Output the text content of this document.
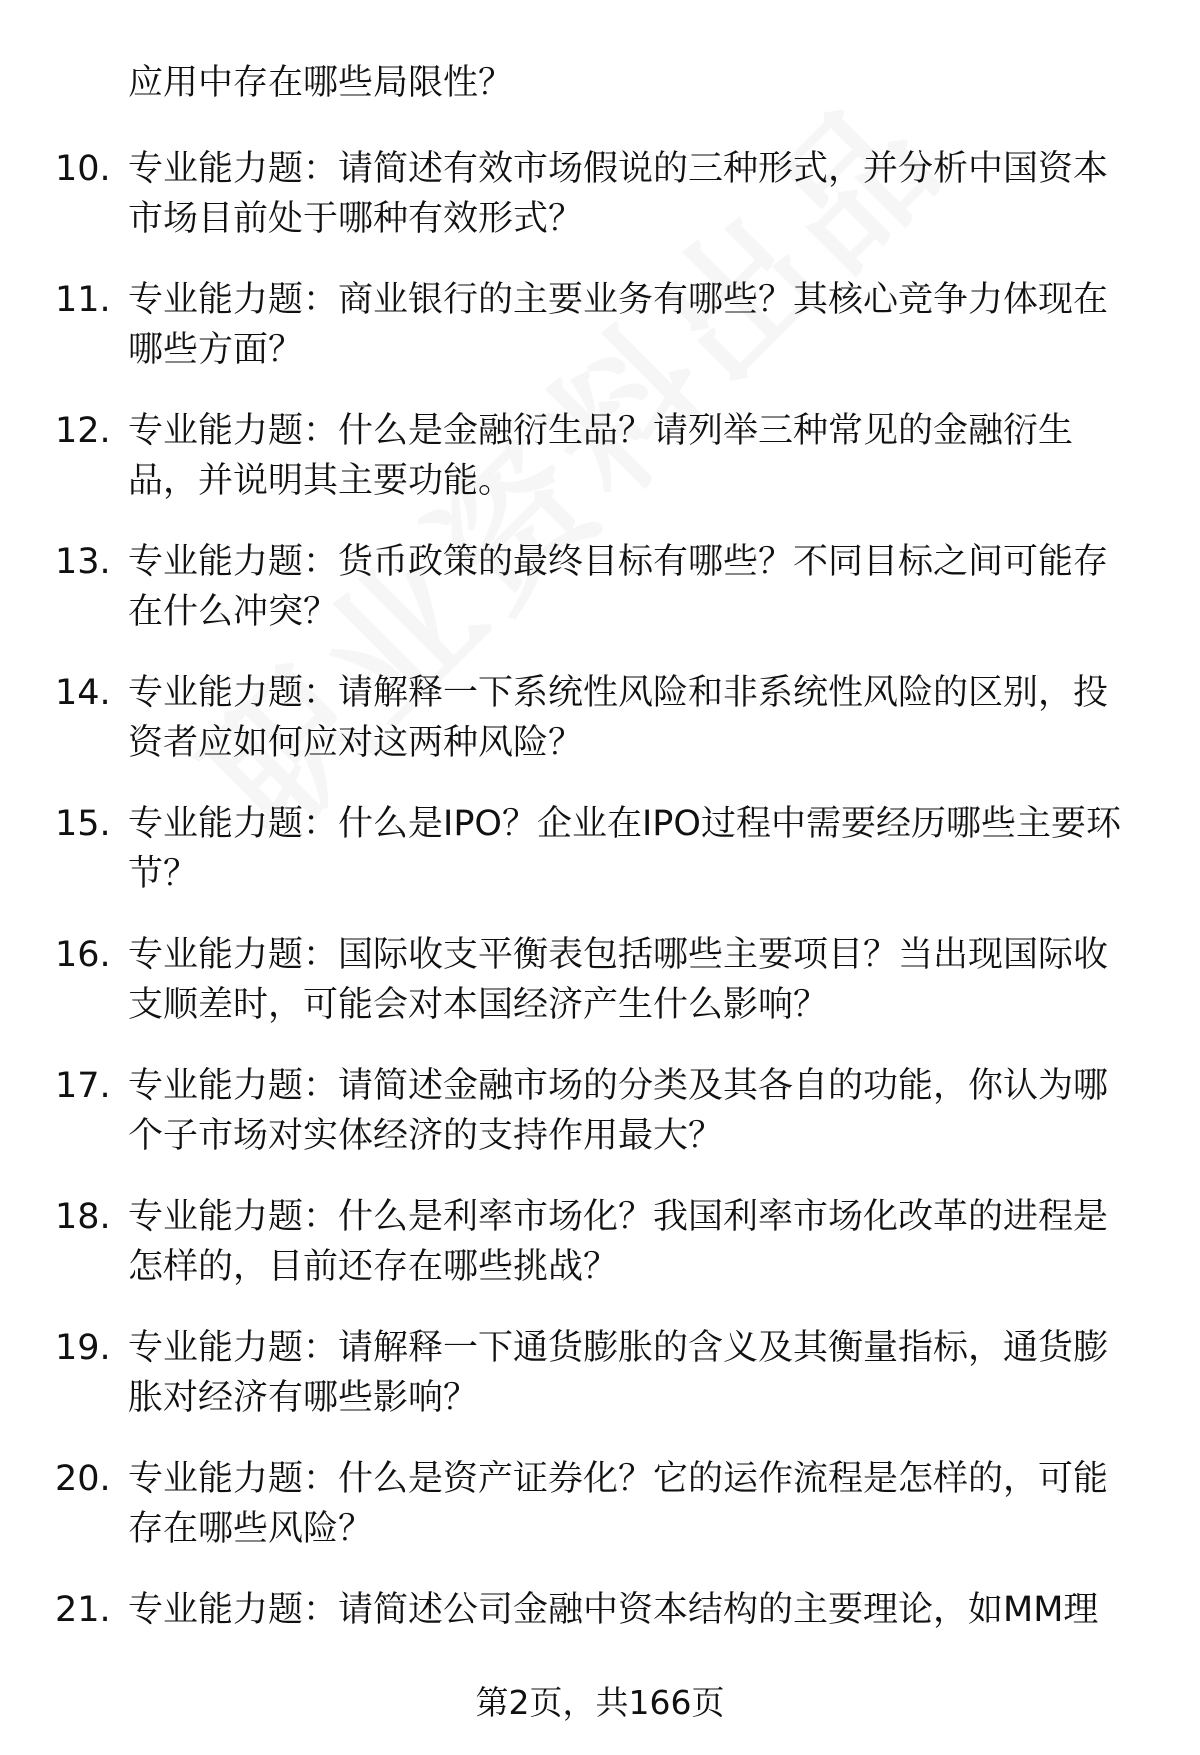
应用中存在哪些局限性？
10. 专业能力题：请简述有效市场假说的三种形式，并分析中国资本
市场目前处于哪种有效形式？
11. 专业能力题：商业银行的主要业务有哪些？其核心竞争力体现在
哪些方面？
12. 专业能力题：什么是金融衍生品？请列举三种常见的金融衍生
品，并说明其主要功能。
13. 专业能力题：货币政策的最终目标有哪些？不同目标之间可能存
在什么冲突？
14. 专业能力题：请解释一下系统性风险和非系统性风险的区别，投
资者应如何应对这两种风险？
15. 专业能力题：什么是IPO？企业在IPO过程中需要经历哪些主要环
节？
16. 专业能力题：国际收支平衡表包括哪些主要项目？当出现国际收
支顺差时，可能会对本国经济产生什么影响？
17. 专业能力题：请简述金融市场的分类及其各自的功能，你认为哪
个子市场对实体经济的支持作用最大？
18. 专业能力题：什么是利率市场化？我国利率市场化改革的进程是
怎样的，目前还存在哪些挑战？
19. 专业能力题：请解释一下通货膨胀的含义及其衡量指标，通货膨
胀对经济有哪些影响？
20. 专业能力题：什么是资产证券化？它的运作流程是怎样的，可能
存在哪些风险？
21. 专业能力题：请简述公司金融中资本结构的主要理论，如MM理
第2页，共166页
